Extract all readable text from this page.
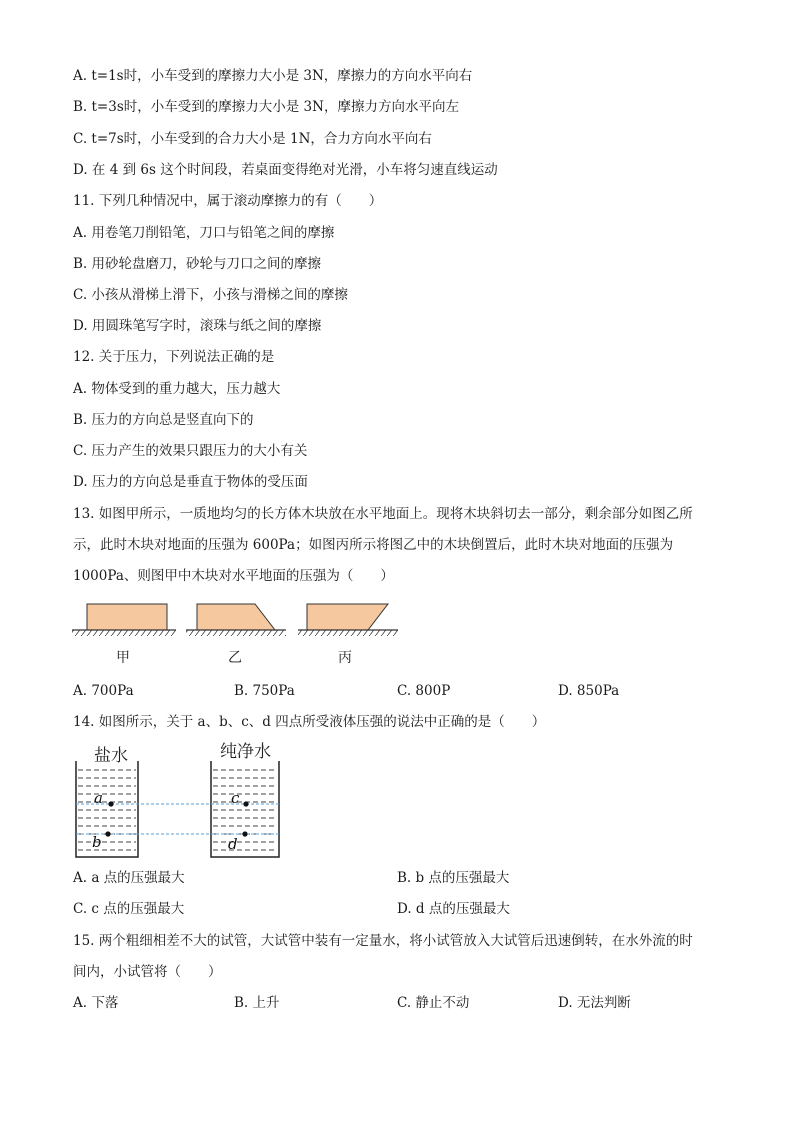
A. t=1s时，小车受到的摩擦力大小是 3N，摩擦力的方向水平向右
B. t=3s时，小车受到的摩擦力大小是 3N，摩擦力方向水平向左
C. t=7s时，小车受到的合力大小是 1N，合力方向水平向右
D. 在 4 到 6s 这个时间段，若桌面变得绝对光滑，小车将匀速直线运动
11. 下列几种情况中，属于滚动摩擦力的有（　　）
A. 用卷笔刀削铅笔，刀口与铅笔之间的摩擦
B. 用砂轮盘磨刀，砂轮与刀口之间的摩擦
C. 小孩从滑梯上滑下，小孩与滑梯之间的摩擦
D. 用圆珠笔写字时，滚珠与纸之间的摩擦
12. 关于压力，下列说法正确的是
A. 物体受到的重力越大，压力越大
B. 压力的方向总是竖直向下的
C. 压力产生的效果只跟压力的大小有关
D. 压力的方向总是垂直于物体的受压面
13. 如图甲所示，一质地均匀的长方体木块放在水平地面上。现将木块斜切去一部分，剩余部分如图乙所
示，此时木块对地面的压强为 600Pa；如图丙所示将图乙中的木块倒置后，此时木块对地面的压强为
1000Pa、则图甲中木块对水平地面的压强为（　　）
甲	乙	丙
A. 700Pa	B. 750Pa	C. 800P	D. 850Pa
14. 如图所示，关于 a、b、c、d 四点所受液体压强的说法中正确的是（　　）
盐水	纯净水
a
b
c
d
A. a 点的压强最大	B. b 点的压强最大
C. c 点的压强最大	D. d 点的压强最大
15. 两个粗细相差不大的试管，大试管中装有一定量水，将小试管放入大试管后迅速倒转，在水外流的时
间内，小试管将（　　）
A. 下落	B. 上升	C. 静止不动	D. 无法判断
